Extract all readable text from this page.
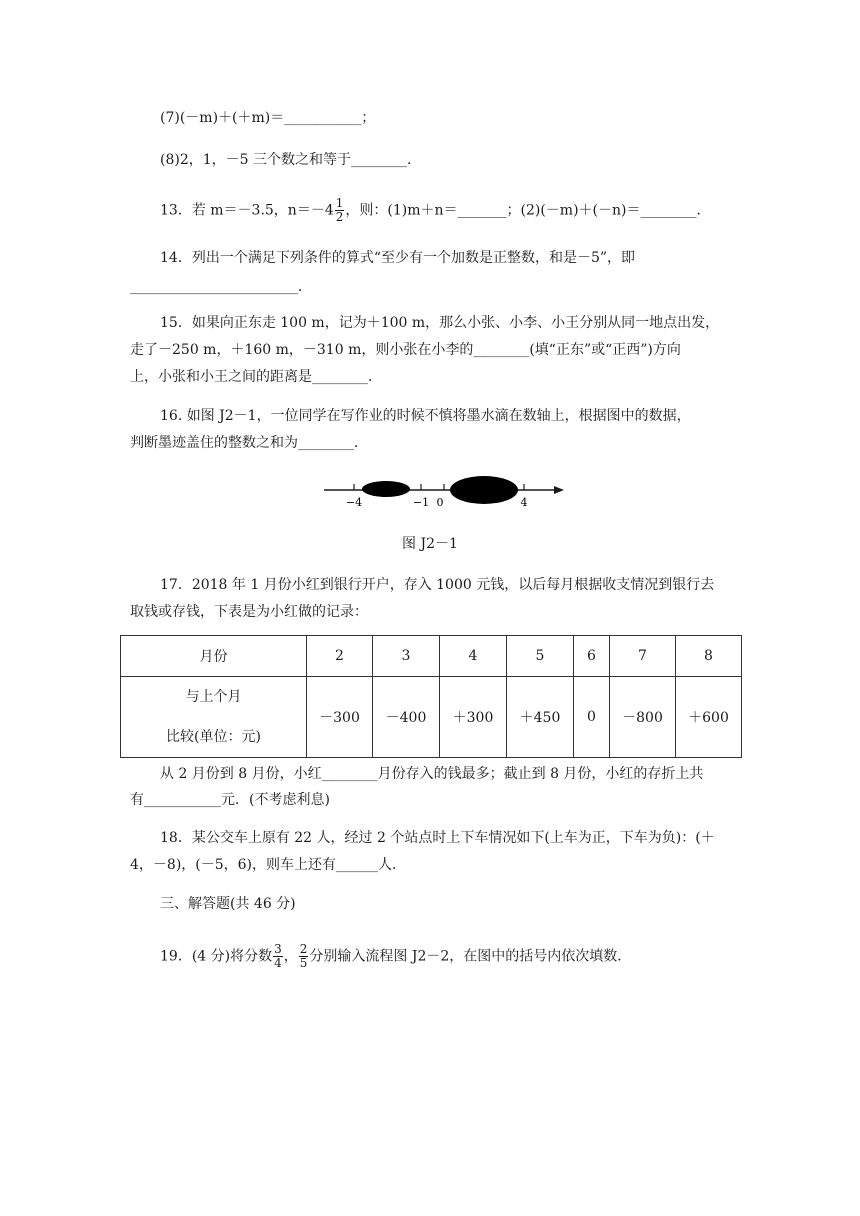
(7)(－m)＋(＋m)＝___________；
(8)2，1，－5 三个数之和等于________．
13．若 m＝－3.5，$n=-4 \frac{1}{2}$ ，则：(1)m＋n＝_______；(2)(－m)＋(－n)＝________．
14．列出一个满足下列条件的算式“至少有一个加数是正整数，和是－5”，即
________________________．
15．如果向正东走 100 m，记为＋100 m，那么小张、小李、小王分别从同一地点出发，
走了－250 m，＋160 m，－310 m，则小张在小李的________(填“正东”或“正西”)方向
上，小张和小王之间的距离是________．
16. 如图 J2－1，一位同学在写作业的时候不慎将墨水滴在数轴上，根据图中的数据，
判断墨迹盖住的整数之和为________．
−4	−1 0	4
图 J2－1
17．2018 年 1 月份小红到银行开户，存入 1000 元钱，以后每月根据收支情况到银行去
取钱或存钱，下表是为小红做的记录：
月份	2	3	4	5	6	7	8

与上个月
比较(单位：元)	－300	－400	＋300	＋450	0	－800	＋600
从 2 月份到 8 月份，小红________月份存入的钱最多；截止到 8 月份，小红的存折上共
有___________元．(不考虑利息)
18．某公交车上原有 22 人，经过 2 个站点时上下车情况如下(上车为正，下车为负)：(＋
4，－8)，(－5，6)，则车上还有______人．
三、解答题(共 46 分)
19．(4 分)将分数 $\frac{3}{4}$ ， $\frac{2}{5}$ 分别输入流程图 J2－2，在图中的括号内依次填数．
